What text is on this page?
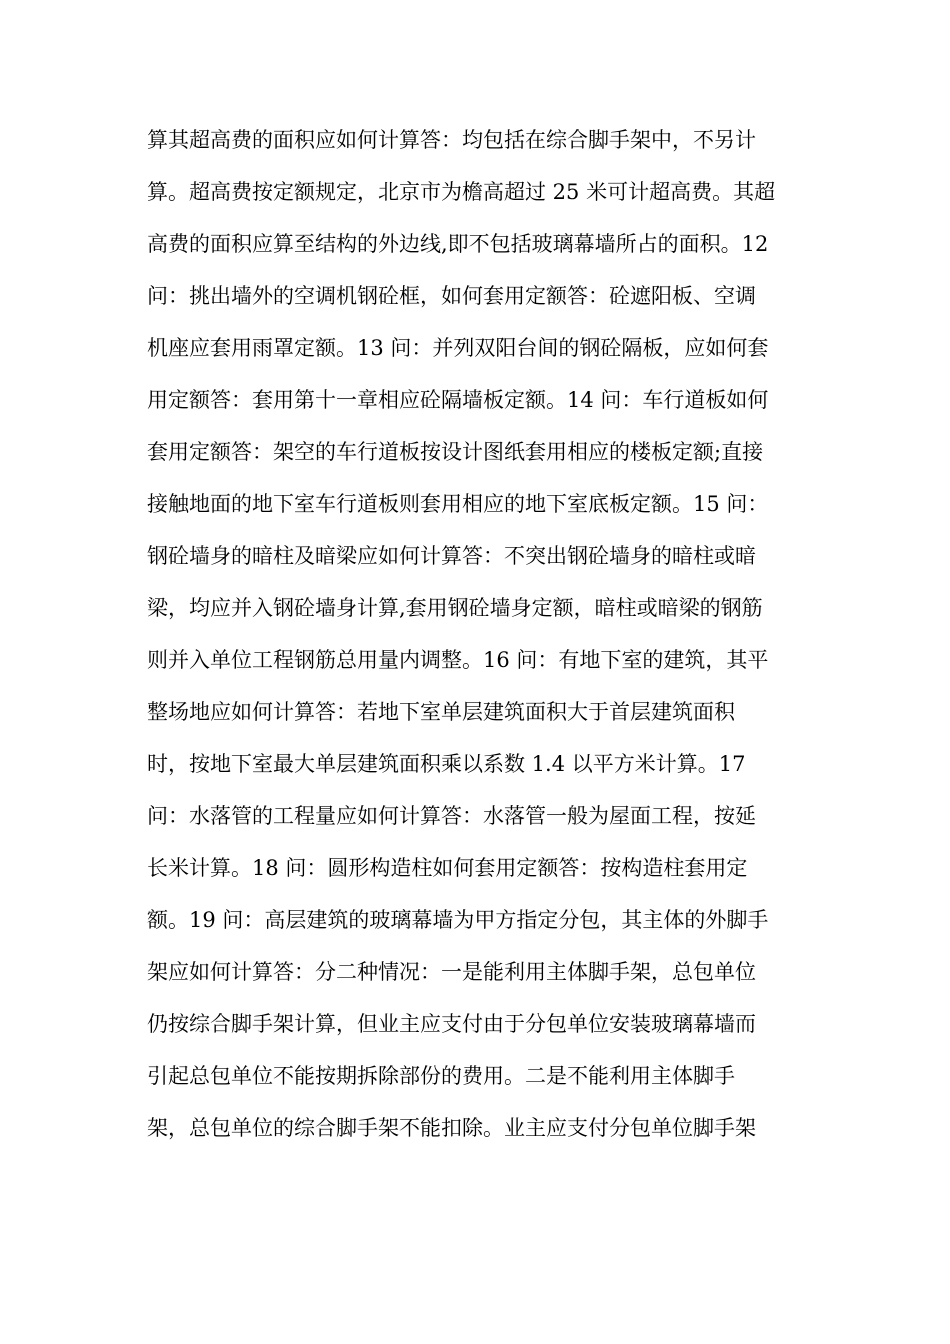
算其超高费的面积应如何计算答：均包括在综合脚手架中，不另计
算。超高费按定额规定，北京市为檐高超过 25 米可计超高费。其超
高费的面积应算至结构的外边线,即不包括玻璃幕墙所占的面积。12
问：挑出墙外的空调机钢砼框，如何套用定额答：砼遮阳板、空调
机座应套用雨罩定额。13 问：并列双阳台间的钢砼隔板，应如何套
用定额答：套用第十一章相应砼隔墙板定额。14 问：车行道板如何
套用定额答：架空的车行道板按设计图纸套用相应的楼板定额;直接
接触地面的地下室车行道板则套用相应的地下室底板定额。15 问：
钢砼墙身的暗柱及暗梁应如何计算答：不突出钢砼墙身的暗柱或暗
梁，均应并入钢砼墙身计算,套用钢砼墙身定额，暗柱或暗梁的钢筋
则并入单位工程钢筋总用量内调整。16 问：有地下室的建筑，其平
整场地应如何计算答：若地下室单层建筑面积大于首层建筑面积
时，按地下室最大单层建筑面积乘以系数 1.4 以平方米计算。17
问：水落管的工程量应如何计算答：水落管一般为屋面工程，按延
长米计算。18 问：圆形构造柱如何套用定额答：按构造柱套用定
额。19 问：高层建筑的玻璃幕墙为甲方指定分包，其主体的外脚手
架应如何计算答：分二种情况：一是能利用主体脚手架，总包单位
仍按综合脚手架计算，但业主应支付由于分包单位安装玻璃幕墙而
引起总包单位不能按期拆除部份的费用。二是不能利用主体脚手
架，总包单位的综合脚手架不能扣除。业主应支付分包单位脚手架
